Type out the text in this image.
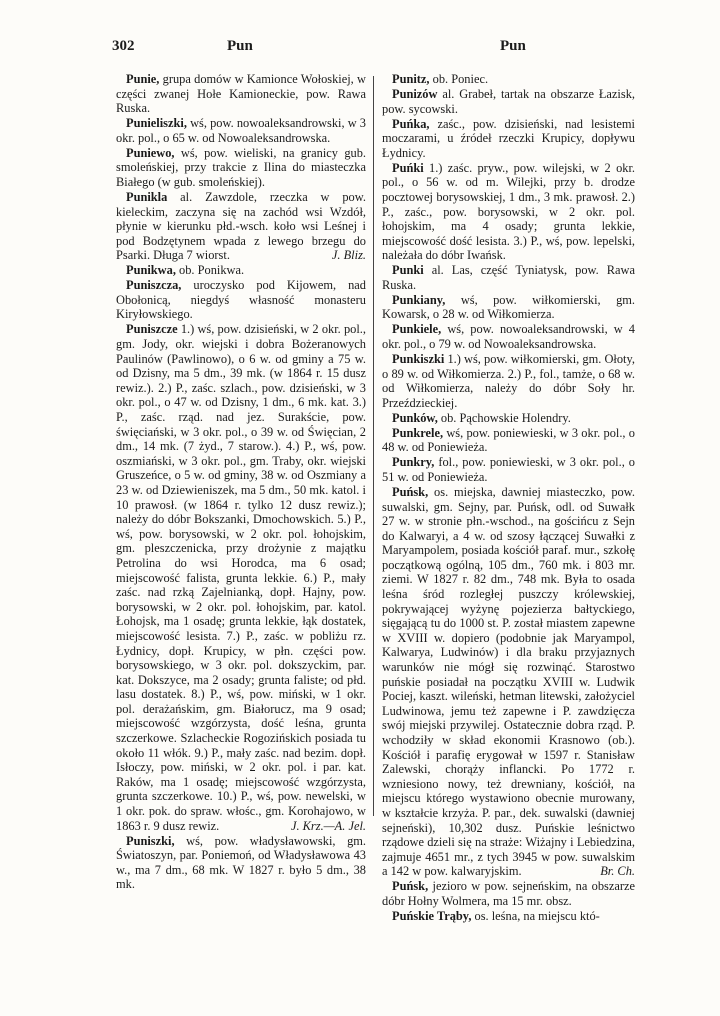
302	Pun	Pun

Punie, grupa domów w Kamionce Wołoskiej, w części zwanej Hołe Kamioneckie, pow. Rawa Ruska.

Punieliszki, wś, pow. nowoaleksandrowski, w 3 okr. pol., o 65 w. od Nowoaleksandrowska.

Puniewo, wś, pow. wieliski, na granicy gub. smoleńskiej, przy trakcie z Ilina do miasteczka Białego (w gub. smoleńskiej).

Punikla al. Zawzdole, rzeczka w pow. kieleckim, zaczyna się na zachód wsi Wzdół, płynie w kierunku płd.-wsch. koło wsi Leśnej i pod Bodzętynem wpada z lewego brzegu do Psarki. Długa 7 wiorst.	J. Bliz.

Punikwa, ob. Ponikwa.

Puniszcza, uroczysko pod Kijowem, nad Obołonicą, niegdyś własność monasteru Kiryłowskiego.

Puniszcze 1.) wś, pow. dzisieński, w 2 okr. pol., gm. Jody, okr. wiejski i dobra Bożeranowych Paulinów (Pawlinowo), o 6 w. od gminy a 75 w. od Dzisny, ma 5 dm., 39 mk. (w 1864 r. 15 dusz rewiz.). 2.) P., zaśc. szlach., pow. dzisieński, w 3 okr. pol., o 47 w. od Dzisny, 1 dm., 6 mk. kat. 3.) P., zaśc. rząd. nad jez. Surakście, pow. święciański, w 3 okr. pol., o 39 w. od Święcian, 2 dm., 14 mk. (7 żyd., 7 starow.). 4.) P., wś, pow. oszmiański, w 3 okr. pol., gm. Traby, okr. wiejski Gruszeńce, o 5 w. od gminy, 38 w. od Oszmiany a 23 w. od Dziewieniszek, ma 5 dm., 50 mk. katol. i 10 prawosł. (w 1864 r. tylko 12 dusz rewiz.); należy do dóbr Bokszanki, Dmochowskich. 5.) P., wś, pow. borysowski, w 2 okr. pol. łohojskim, gm. pleszczenicka, przy drożynie z majątku Petrolina do wsi Horodca, ma 6 osad; miejscowość falista, grunta lekkie. 6.) P., mały zaśc. nad rzką Zajelnianką, dopł. Hajny, pow. borysowski, w 2 okr. pol. łohojskim, par. katol. Łohojsk, ma 1 osadę; grunta lekkie, łąk dostatek, miejscowość lesista. 7.) P., zaśc. w pobliżu rz. Łydnicy, dopł. Krupicy, w płn. części pow. borysowskiego, w 3 okr. pol. dokszyckim, par. kat. Dokszyce, ma 2 osady; grunta faliste; od płd. lasu dostatek. 8.) P., wś, pow. miński, w 1 okr. pol. derażańskim, gm. Białorucz, ma 9 osad; miejscowość wzgórzysta, dość leśna, grunta szczerkowe. Szlacheckie Rogozińskich posiada tu około 11 włók. 9.) P., mały zaśc. nad bezim. dopł. Isłoczy, pow. miński, w 2 okr. pol. i par. kat. Raków, ma 1 osadę; miejscowość wzgórzysta, grunta szczerkowe. 10.) P., wś, pow. newelski, w 1 okr. pok. do spraw. włośc., gm. Korohajowo, w 1863 r. 9 dusz rewiz.	J. Krz.—A. Jel.

Puniszki, wś, pow. władysławowski, gm. Światoszyn, par. Poniemoń, od Władysławowa 43 w., ma 7 dm., 68 mk. W 1827 r. było 5 dm., 38 mk.

Punitz, ob. Poniec.

Punizów al. Grabeł, tartak na obszarze Łazisk, pow. sycowski.

Puńka, zaśc., pow. dzisieński, nad lesistemi moczarami, u źródeł rzeczki Krupicy, dopływu Łydnicy.

Puńki 1.) zaśc. pryw., pow. wilejski, w 2 okr. pol., o 56 w. od m. Wilejki, przy b. drodze pocztowej borysowskiej, 1 dm., 3 mk. prawosł. 2.) P., zaśc., pow. borysowski, w 2 okr. pol. łohojskim, ma 4 osady; grunta lekkie, miejscowość dość lesista. 3.) P., wś, pow. lepelski, należała do dóbr Iwańsk.

Punki al. Las, część Tyniatysk, pow. Rawa Ruska.

Punkiany, wś, pow. wiłkomierski, gm. Kowarsk, o 28 w. od Wiłkomierza.

Punkiele, wś, pow. nowoaleksandrowski, w 4 okr. pol., o 79 w. od Nowoaleksandrowska.

Punkiszki 1.) wś, pow. wiłkomierski, gm. Ołoty, o 89 w. od Wiłkomierza. 2.) P., fol., tamże, o 68 w. od Wiłkomierza, należy do dóbr Soły hr. Przeździeckiej.

Punków, ob. Pąchowskie Holendry.

Punkrele, wś, pow. poniewieski, w 3 okr. pol., o 48 w. od Poniewieża.

Punkry, fol., pow. poniewieski, w 3 okr. pol., o 51 w. od Poniewieża.

Puńsk, os. miejska, dawniej miasteczko, pow. suwalski, gm. Sejny, par. Puńsk, odl. od Suwałk 27 w. w stronie płn.-wschod., na gościńcu z Sejn do Kalwaryi, a 4 w. od szosy łączącej Suwałki z Maryampolem, posiada kościół paraf. mur., szkołę początkową ogólną, 105 dm., 760 mk. i 803 mr. ziemi. W 1827 r. 82 dm., 748 mk. Była to osada leśna śród rozległej puszczy królewskiej, pokrywającej wyżynę pojezierza bałtyckiego, sięgającą tu do 1000 st. P. został miastem zapewne w XVIII w. dopiero (podobnie jak Maryampol, Kalwarya, Ludwinów) i dla braku przyjaznych warunków nie mógł się rozwinąć. Starostwo puńskie posiadał na początku XVIII w. Ludwik Pociej, kaszt. wileński, hetman litewski, założyciel Ludwinowa, jemu też zapewne i P. zawdzięcza swój miejski przywilej. Ostatecznie dobra rząd. P. wchodziły w skład ekonomii Krasnowo (ob.). Kościół i parafię erygował w 1597 r. Stanisław Zalewski, chorąży inflancki. Po 1772 r. wzniesiono nowy, też drewniany, kościół, na miejscu którego wystawiono obecnie murowany, w kształcie krzyża. P. par., dek. suwalski (dawniej sejneński), 10,302 dusz. Puńskie leśnictwo rządowe dzieli się na straże: Wiżajny i Lebiedzina, zajmuje 4651 mr., z tych 3945 w pow. suwalskim a 142 w pow. kalwaryjskim.	Br. Ch.

Puńsk, jezioro w pow. sejneńskim, na obszarze dóbr Hołny Wolmera, ma 15 mr. obsz.

Puńskie Trąby, os. leśna, na miejscu któ-
